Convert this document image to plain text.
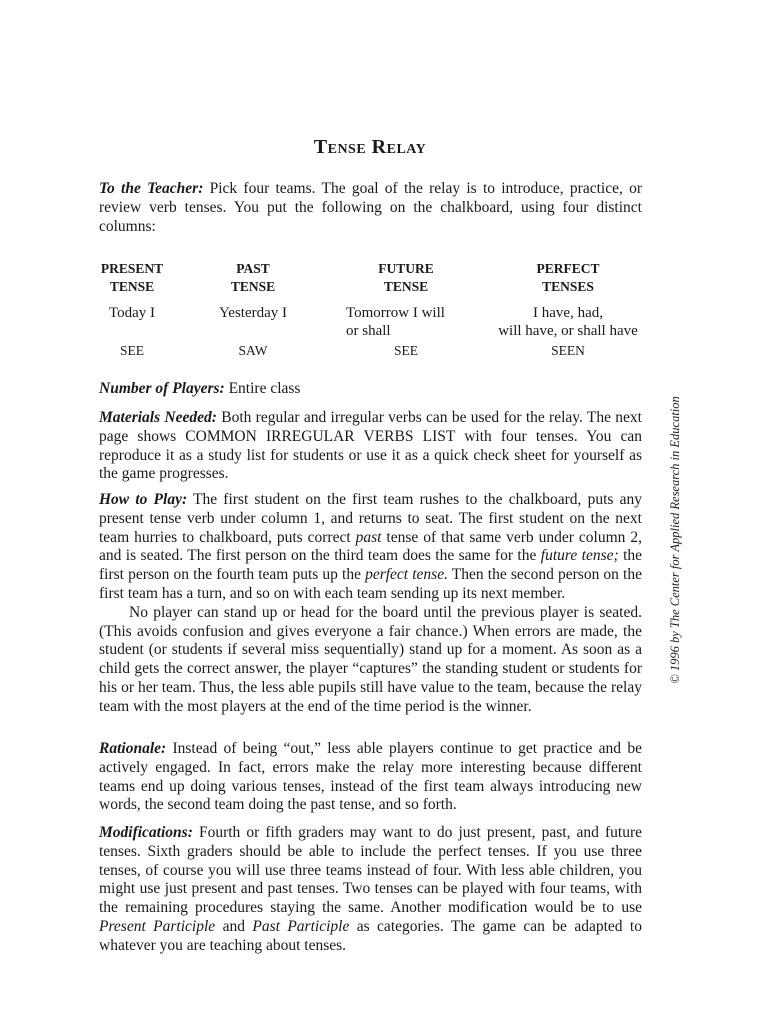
Tense Relay
To the Teacher: Pick four teams. The goal of the relay is to introduce, practice, or review verb tenses. You put the following on the chalkboard, using four distinct columns:
PRESENT
TENSE
Today I

SEE
PAST
TENSE
Yesterday I

SAW
FUTURE
TENSE
Tomorrow I will
or shall
SEE
PERFECT
TENSES
I have, had,
will have, or shall have
SEEN
Number of Players: Entire class
Materials Needed: Both regular and irregular verbs can be used for the relay. The next page shows COMMON IRREGULAR VERBS LIST with four tenses. You can reproduce it as a study list for students or use it as a quick check sheet for yourself as the game progresses.
How to Play: The first student on the first team rushes to the chalkboard, puts any present tense verb under column 1, and returns to seat. The first student on the next team hurries to chalkboard, puts correct past tense of that same verb under column 2, and is seated. The first person on the third team does the same for the future tense; the first person on the fourth team puts up the perfect tense. Then the second person on the first team has a turn, and so on with each team sending up its next member.
No player can stand up or head for the board until the previous player is seated. (This avoids confusion and gives everyone a fair chance.) When errors are made, the student (or students if several miss sequentially) stand up for a moment. As soon as a child gets the correct answer, the player “captures” the standing student or students for his or her team. Thus, the less able pupils still have value to the team, because the relay team with the most players at the end of the time period is the winner.
Rationale: Instead of being “out,” less able players continue to get practice and be actively engaged. In fact, errors make the relay more interesting because different teams end up doing various tenses, instead of the first team always introducing new words, the second team doing the past tense, and so forth.
Modifications: Fourth or fifth graders may want to do just present, past, and future tenses. Sixth graders should be able to include the perfect tenses. If you use three tenses, of course you will use three teams instead of four. With less able children, you might use just present and past tenses. Two tenses can be played with four teams, with the remaining procedures staying the same. Another modification would be to use Present Participle and Past Participle as categories. The game can be adapted to whatever you are teaching about tenses.
© 1996 by The Center for Applied Research in Education
